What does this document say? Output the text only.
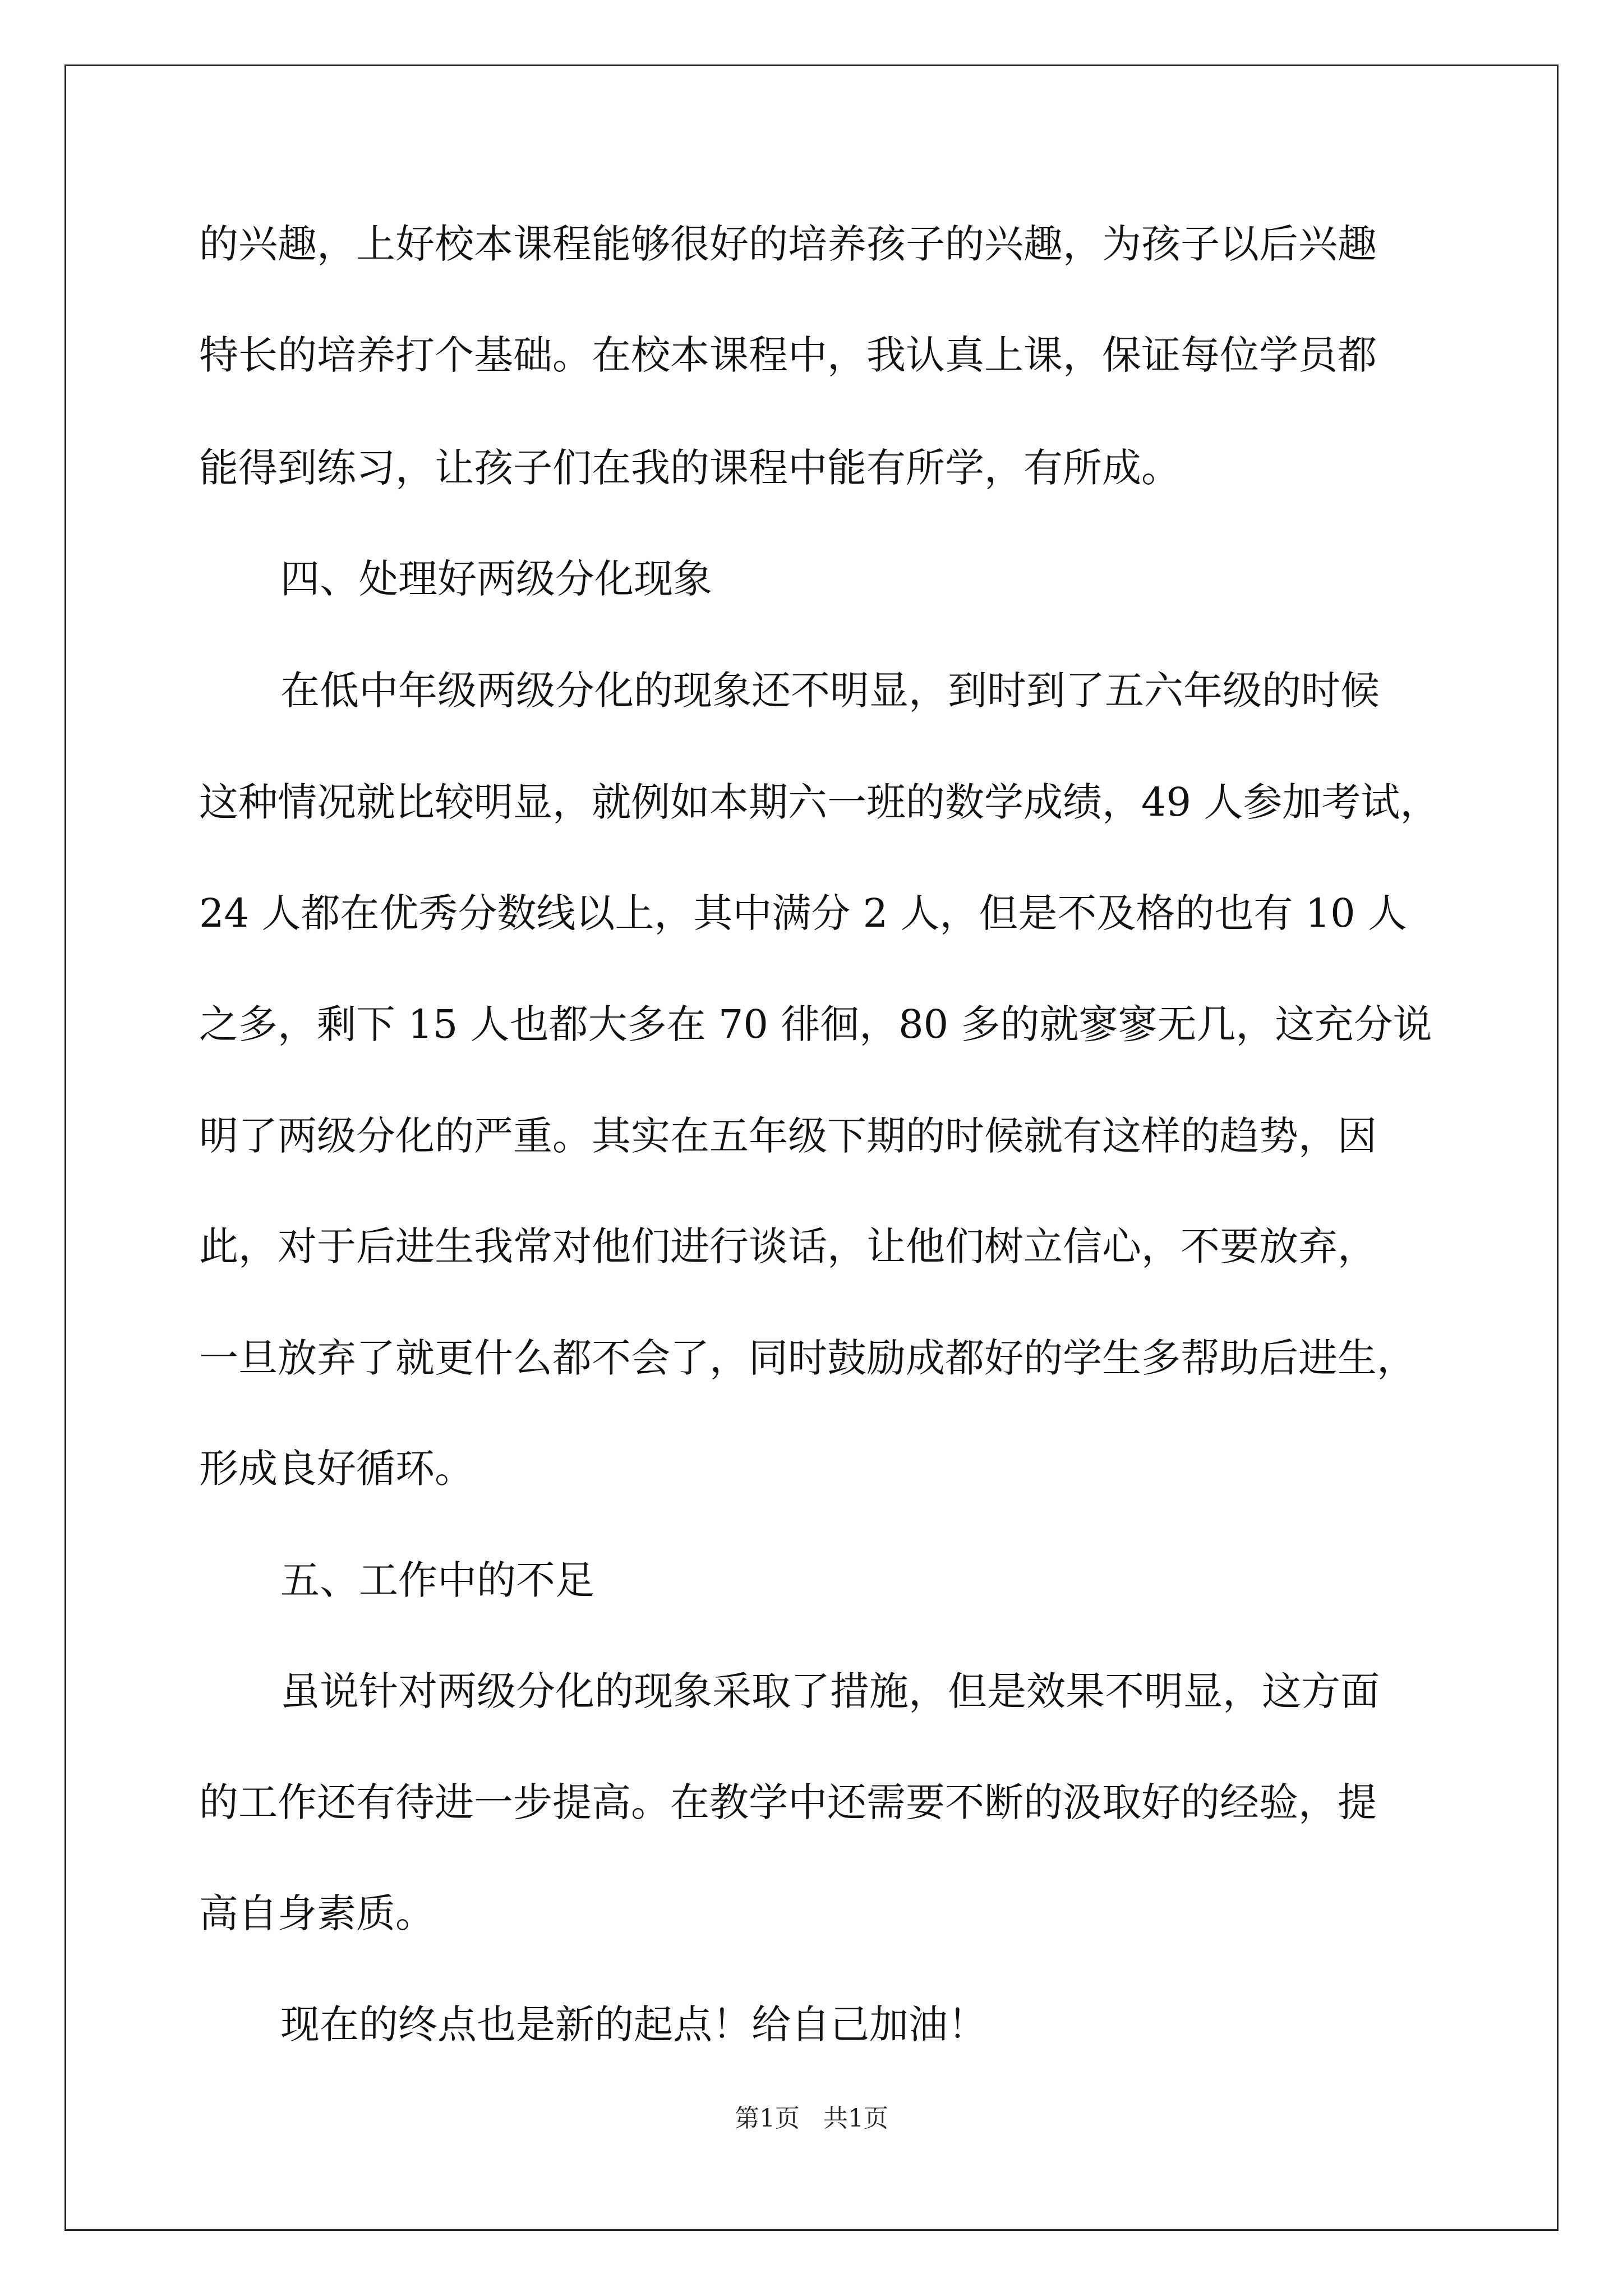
的兴趣，上好校本课程能够很好的培养孩子的兴趣，为孩子以后兴趣
特长的培养打个基础。在校本课程中，我认真上课，保证每位学员都
能得到练习，让孩子们在我的课程中能有所学，有所成。
四、处理好两级分化现象
在低中年级两级分化的现象还不明显，到时到了五六年级的时候
这种情况就比较明显，就例如本期六一班的数学成绩，49 人参加考试，
24 人都在优秀分数线以上，其中满分 2 人，但是不及格的也有 10 人
之多，剩下 15 人也都大多在 70 徘徊，80 多的就寥寥无几，这充分说
明了两级分化的严重。其实在五年级下期的时候就有这样的趋势，因
此，对于后进生我常对他们进行谈话，让他们树立信心，不要放弃，
一旦放弃了就更什么都不会了，同时鼓励成都好的学生多帮助后进生，
形成良好循环。
五、工作中的不足
虽说针对两级分化的现象采取了措施，但是效果不明显，这方面
的工作还有待进一步提高。在教学中还需要不断的汲取好的经验，提
高自身素质。
现在的终点也是新的起点！给自己加油！
第1页   共1页
